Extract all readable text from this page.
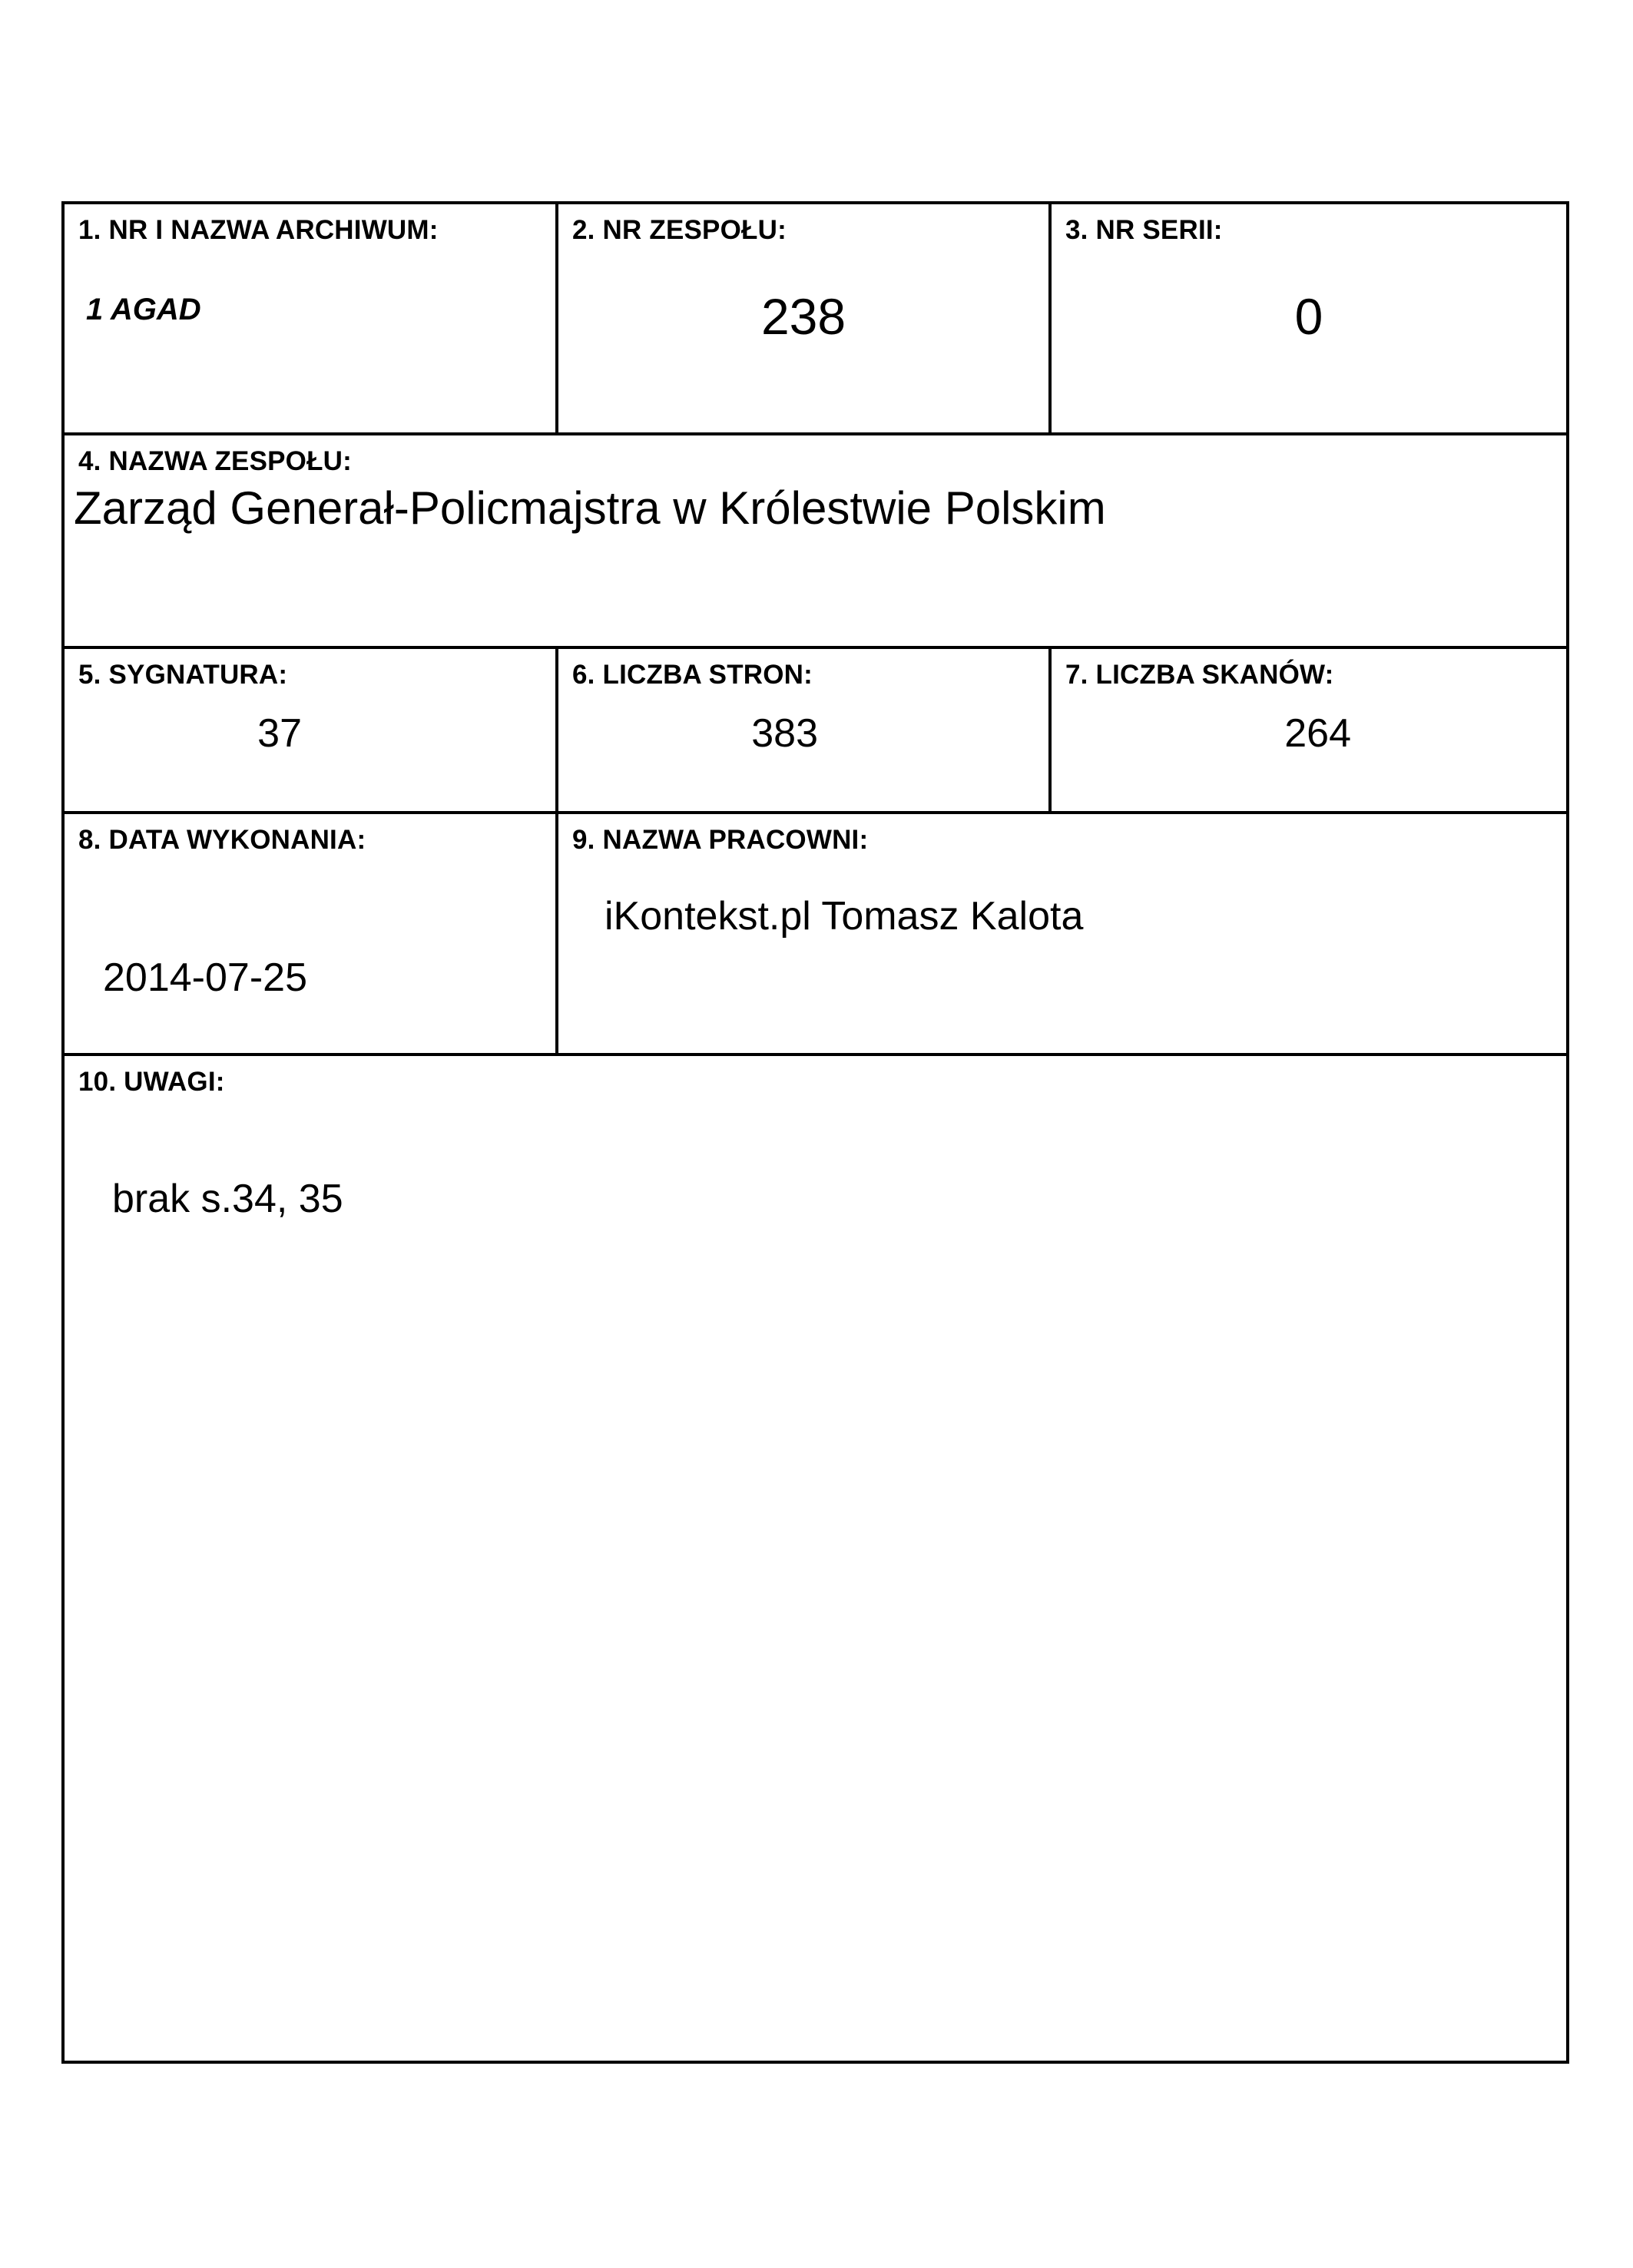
1. NR I NAZWA ARCHIWUM:
1 AGAD
2. NR ZESPOŁU:
238
3. NR SERII:
0
4. NAZWA ZESPOŁU:
Zarząd Generał-Policmajstra w Królestwie Polskim
5. SYGNATURA:
37
6. LICZBA STRON:
383
7. LICZBA SKANÓW:
264
8. DATA WYKONANIA:
2014-07-25
9. NAZWA PRACOWNI:
iKontekst.pl Tomasz Kalota
10. UWAGI:
brak s.34, 35
